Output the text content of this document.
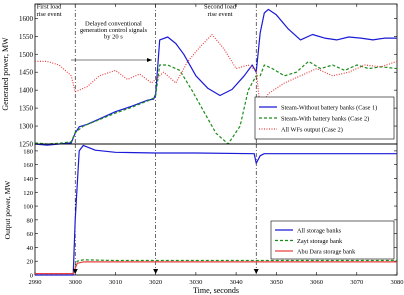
1250
1300
1350
1400
1450
1500
1550
1600
First load
rise event
Delayed conventional
generation control signals
by 20 s
Second load
rise event
Generated power, MW	Steam-Without battery banks (Case 1)
Steam-With battery banks (Case 2)
All WFs output (Case 2)
0
20
40
60
80
100
120
140
160
180
2990	3000	3010	3020	3030	3040	3050	3060	3070	3080
Output power, MW
Time, seconds
All storage banks
Zayt storage bank
Abu Dara storage bank
